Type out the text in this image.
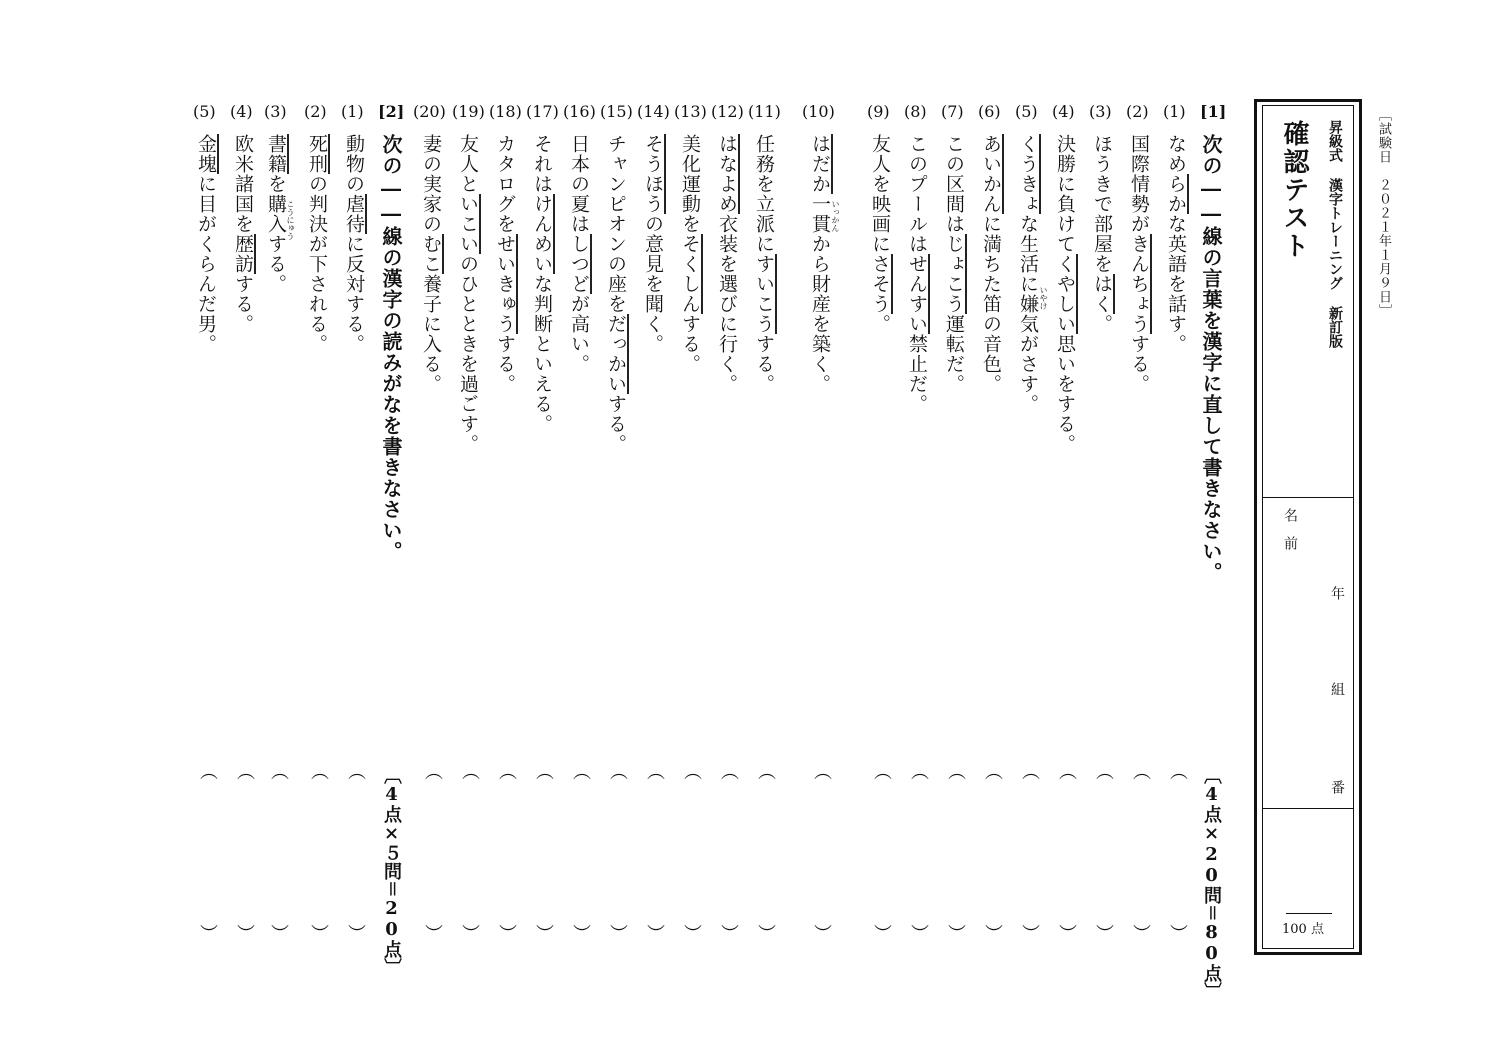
［試験日　２０２１年１月９日］
昇級式 漢字トレーニング 新訂版
確認テスト
名　前
年
組
番
100 点
[1]
次の――線の言葉を漢字に直して書きなさい。
〔4点×20問＝80点〕
(1)
なめらかな英語を話す。
（　　　　　　　　）
(2)
国際情勢がきんちょうする。
（　　　　　　　　）
(3)
ほうきで部屋をはく。
（　　　　　　　　）
(4)
決勝に負けてくやしい思いをする。
（　　　　　　　　）
(5)
くうきょな生活に嫌気がさす。 いやけ
（　　　　　　　　）
(6)
あいかんに満ちた笛の音色。
（　　　　　　　　）
(7)
この区間はじょこう運転だ。
（　　　　　　　　）
(8)
このプールはせんすい禁止だ。
（　　　　　　　　）
(9)
友人を映画にさそう。
（　　　　　　　　）
(10)
はだか一貫から財産を築く。 いっかん
（　　　　　　　　）
(11)
任務を立派にすいこうする。
（　　　　　　　　）
(12)
はなよめ衣装を選びに行く。
（　　　　　　　　）
(13)
美化運動をそくしんする。
（　　　　　　　　）
(14)
そうほうの意見を聞く。
（　　　　　　　　）
(15)
チャンピオンの座をだっかいする。
（　　　　　　　　）
(16)
日本の夏はしつどが高い。
（　　　　　　　　）
(17)
それはけんめいな判断といえる。
（　　　　　　　　）
(18)
カタログをせいきゅうする。
（　　　　　　　　）
(19)
友人といこいのひとときを過ごす。
（　　　　　　　　）
(20)
妻の実家のむこ養子に入る。
（　　　　　　　　）
[2]
次の――線の漢字の読みがなを書きなさい。
〔4点×５問＝20点〕
(1)
動物の虐待に反対する。
（　　　　　　　　）
(2)
死刑の判決が下される。
（　　　　　　　　）
(3)
書籍を購入する。 こうにゅう
（　　　　　　　　）
(4)
欧米諸国を歴訪する。
（　　　　　　　　）
(5)
金塊に目がくらんだ男。
（　　　　　　　　）
